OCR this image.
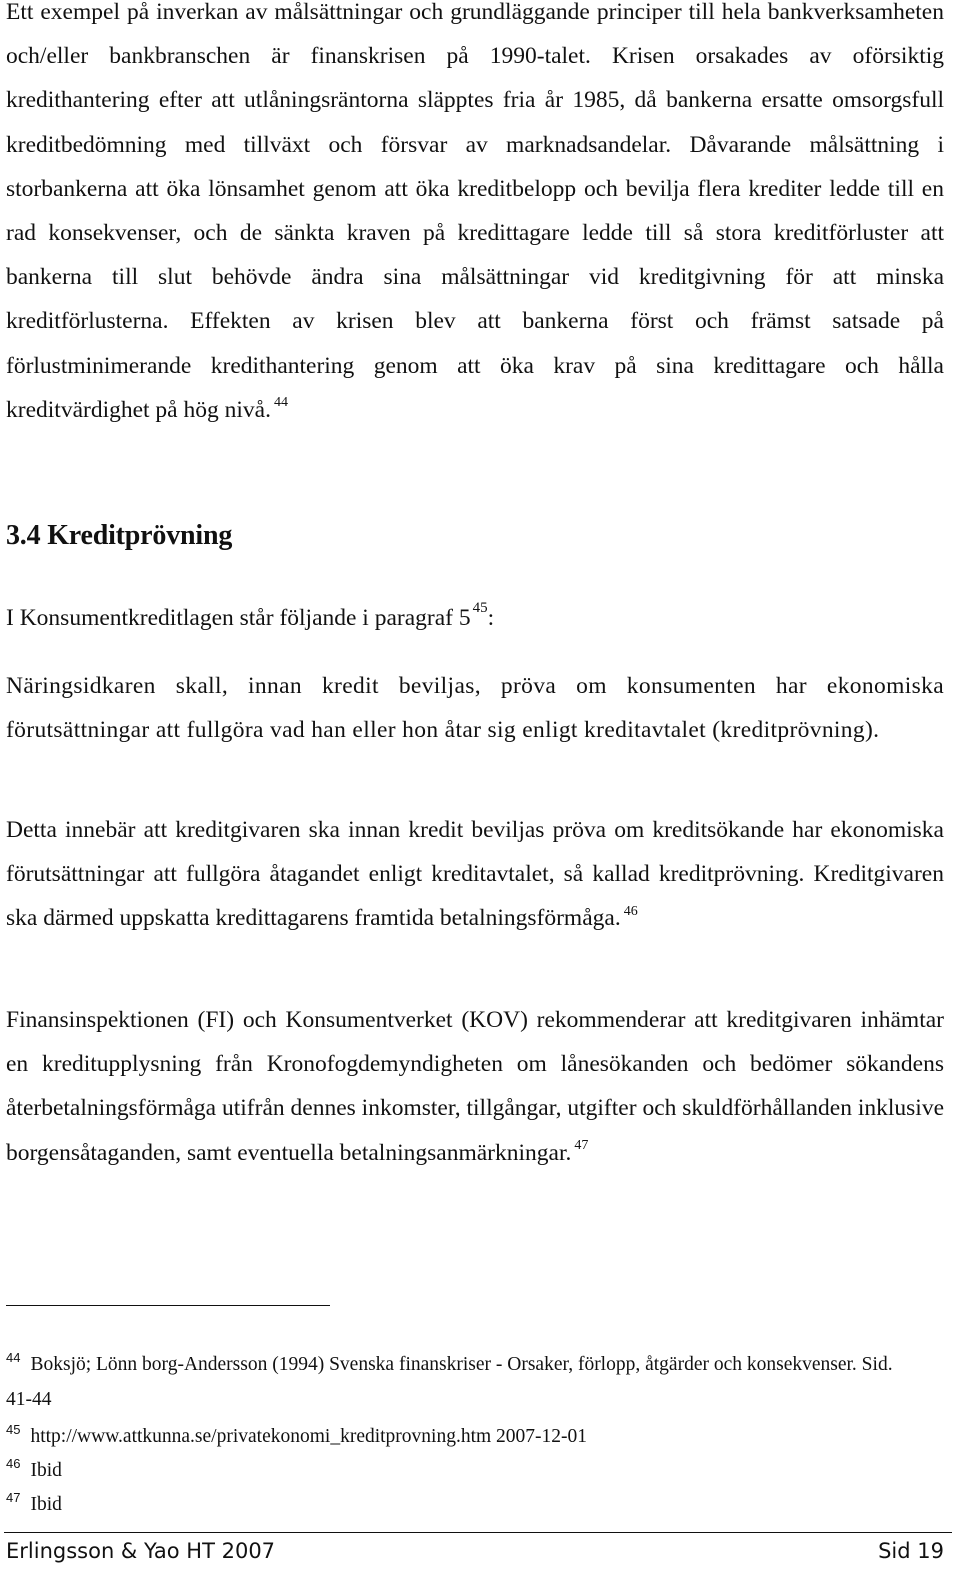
Ett exempel på inverkan av målsättningar och grundläggande principer till hela bankverksamheten och/eller bankbranschen är finanskrisen på 1990-talet. Krisen orsakades av oförsiktig kredithantering efter att utlåningsräntorna släpptes fria år 1985, då bankerna ersatte omsorgsfull kreditbedömning med tillväxt och försvar av marknadsandelar. Dåvarande målsättning i storbankerna att öka lönsamhet genom att öka kreditbelopp och bevilja flera krediter ledde till en rad konsekvenser, och de sänkta kraven på kredittagare ledde till så stora kreditförluster att bankerna till slut behövde ändra sina målsättningar vid kreditgivning för att minska kreditförlusterna. Effekten av krisen blev att bankerna först och främst satsade på förlustminimerande kredithantering genom att öka krav på sina kredittagare och hålla kreditvärdighet på hög nivå. $^{44}$

3.4 Kreditprövning

I Konsumentkreditlagen står följande i paragraf 5 $^{45}$:

Näringsidkaren skall, innan kredit beviljas, pröva om konsumenten har ekonomiska förutsättningar att fullgöra vad han eller hon åtar sig enligt kreditavtalet (kreditprövning).

Detta innebär att kreditgivaren ska innan kredit beviljas pröva om kreditsökande har ekonomiska förutsättningar att fullgöra åtagandet enligt kreditavtalet, så kallad kreditprövning. Kreditgivaren ska därmed uppskatta kredittagarens framtida betalningsförmåga. $^{46}$

Finansinspektionen (FI) och Konsumentverket (KOV) rekommenderar att kreditgivaren inhämtar en kreditupplysning från Kronofogdemyndigheten om lånesökanden och bedömer sökandens återbetalningsförmåga utifrån dennes inkomster, tillgångar, utgifter och skuldförhållanden inklusive borgensåtaganden, samt eventuella betalningsanmärkningar. $^{47}$

$^{44}$ Boksjö; Lönn borg-Andersson (1994) Svenska finanskriser - Orsaker, förlopp, åtgärder och konsekvenser. Sid. 41-44

$^{45}$ http://www.attkunna.se/privatekonomi_kreditprovning.htm 2007-12-01

$^{46}$ Ibid

$^{47}$ Ibid

Erlingsson & Yao HT 2007	Sid 19
